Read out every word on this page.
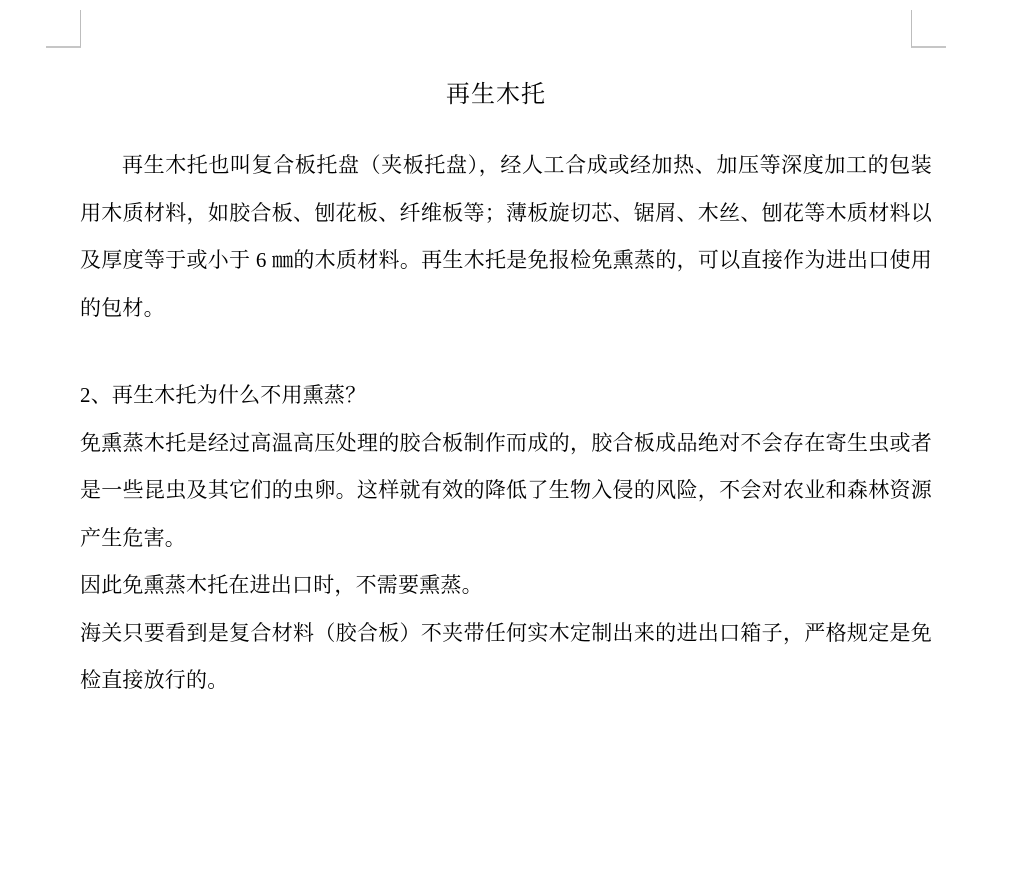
再生木托

再生木托也叫复合板托盘（夹板托盘），经人工合成或经加热、加压等深度加工的包装用木质材料，如胶合板、刨花板、纤维板等；薄板旋切芯、锯屑、木丝、刨花等木质材料以及厚度等于或小于 6 ㎜的木质材料。再生木托是免报检免熏蒸的，可以直接作为进出口使用的包材。

2、再生木托为什么不用熏蒸？

免熏蒸木托是经过高温高压处理的胶合板制作而成的，胶合板成品绝对不会存在寄生虫或者是一些昆虫及其它们的虫卵。这样就有效的降低了生物入侵的风险，不会对农业和森林资源产生危害。

因此免熏蒸木托在进出口时，不需要熏蒸。

海关只要看到是复合材料（胶合板）不夹带任何实木定制出来的进出口箱子，严格规定是免检直接放行的。
